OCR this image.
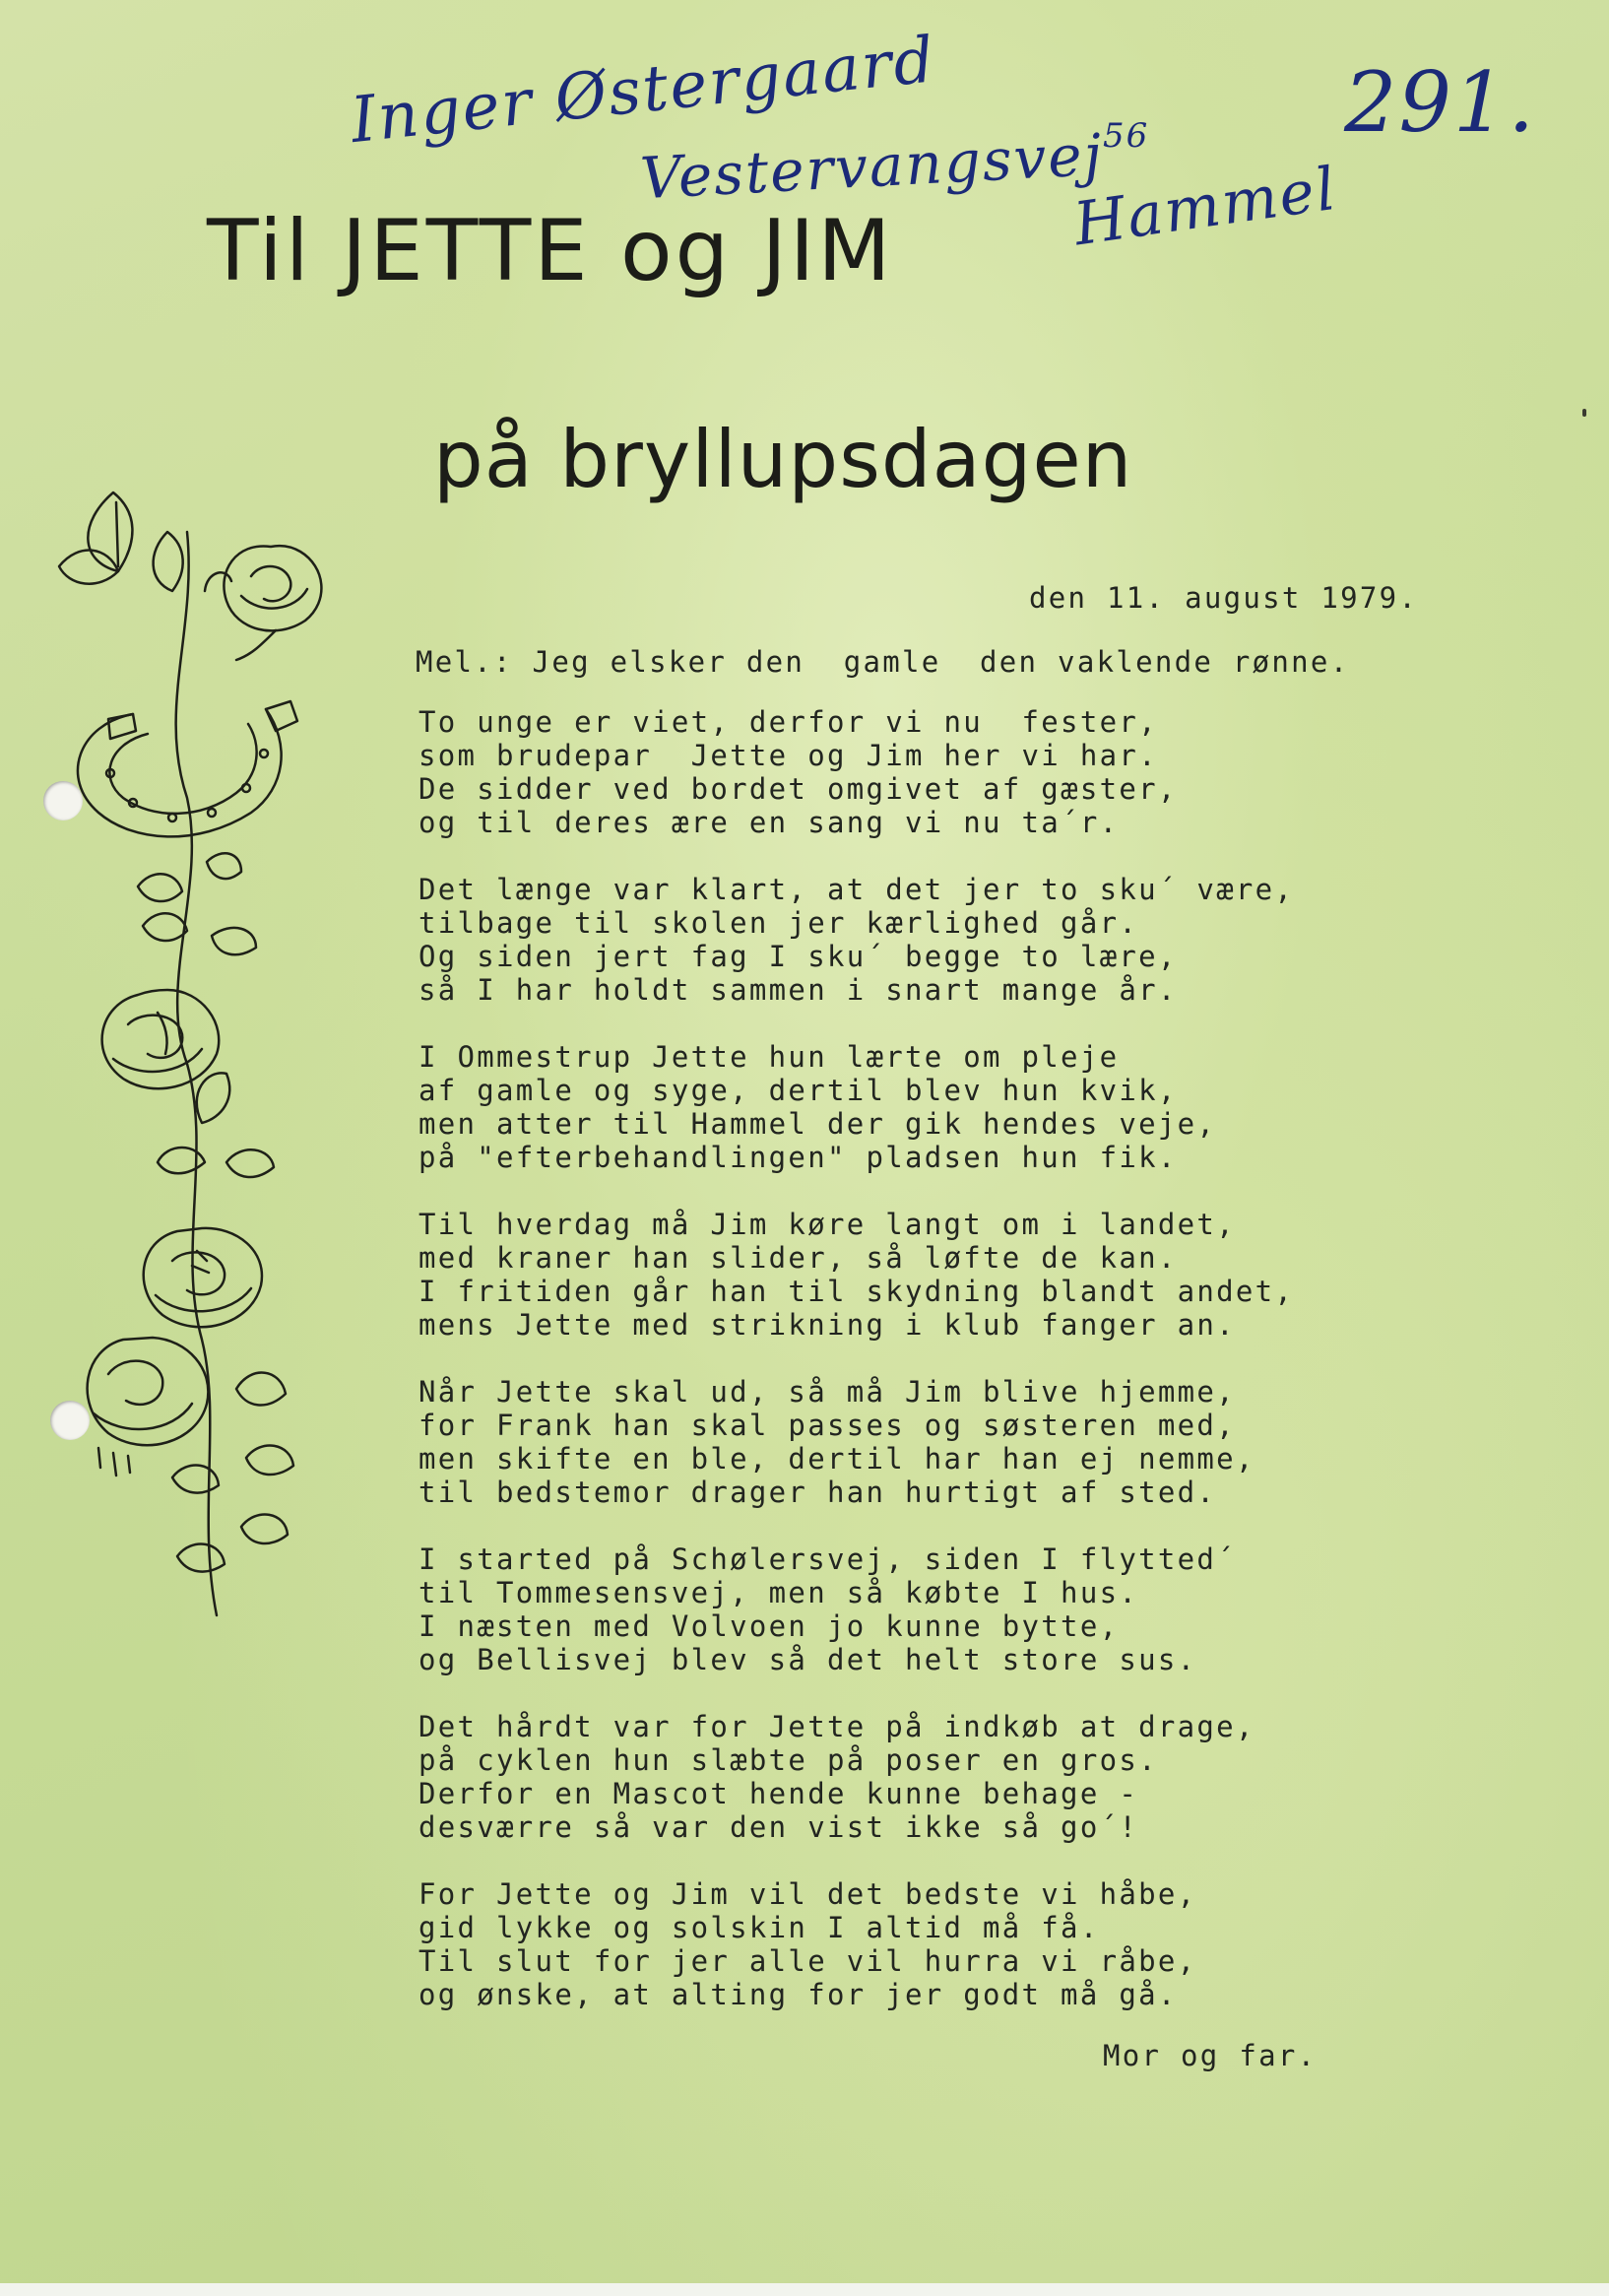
Inger Østergaard
Vestervangsvej
56
Hammel
291.
Til JETTE og JIM
på bryllupsdagen
den 11. august 1979.
Mel.: Jeg elsker den  gamle  den vaklende rønne.
To unge er viet, derfor vi nu  fester,
som brudepar  Jette og Jim her vi har.
De sidder ved bordet omgivet af gæster,
og til deres ære en sang vi nu ta´r.
Det længe var klart, at det jer to sku´ være,
tilbage til skolen jer kærlighed går.
Og siden jert fag I sku´ begge to lære,
så I har holdt sammen i snart mange år.
I Ommestrup Jette hun lærte om pleje
af gamle og syge, dertil blev hun kvik,
men atter til Hammel der gik hendes veje,
på "efterbehandlingen" pladsen hun fik.
Til hverdag må Jim køre langt om i landet,
med kraner han slider, så løfte de kan.
I fritiden går han til skydning blandt andet,
mens Jette med strikning i klub fanger an.
Når Jette skal ud, så må Jim blive hjemme,
for Frank han skal passes og søsteren med,
men skifte en ble, dertil har han ej nemme,
til bedstemor drager han hurtigt af sted.
I started på Schølersvej, siden I flytted´
til Tommesensvej, men så købte I hus.
I næsten med Volvoen jo kunne bytte,
og Bellisvej blev så det helt store sus.
Det hårdt var for Jette på indkøb at drage,
på cyklen hun slæbte på poser en gros.
Derfor en Mascot hende kunne behage -
desværre så var den vist ikke så go´!
For Jette og Jim vil det bedste vi håbe,
gid lykke og solskin I altid må få.
Til slut for jer alle vil hurra vi råbe,
og ønske, at alting for jer godt må gå.
Mor og far.
